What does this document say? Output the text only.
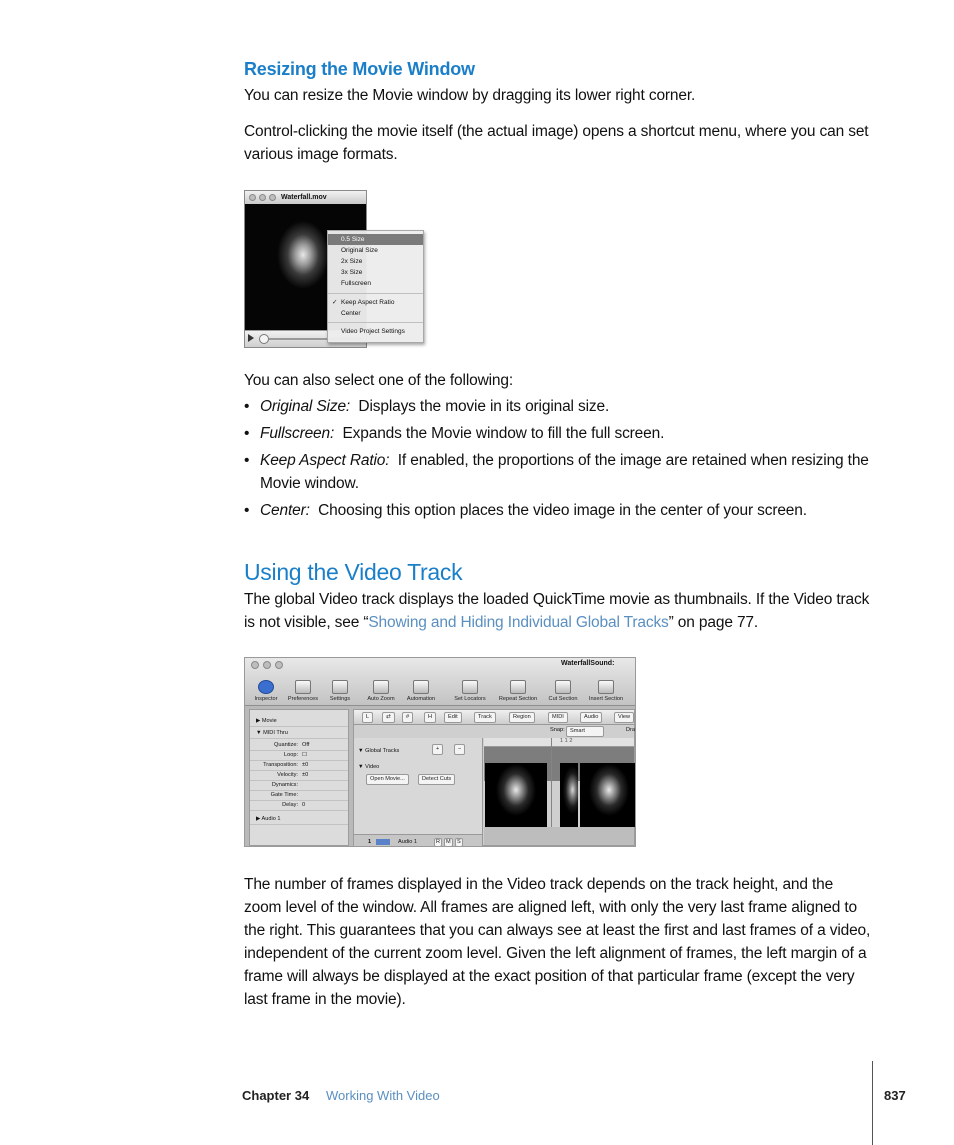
Resizing the Movie Window
You can resize the Movie window by dragging its lower right corner.
Control-clicking the movie itself (the actual image) opens a shortcut menu, where you can set various image formats.
Waterfall.mov
0.5 Size
Original Size
2x Size
3x Size
Fullscreen
✓ Keep Aspect Ratio
Center
Video Project Settings
You can also select one of the following:
• Original Size: Displays the movie in its original size.
• Fullscreen: Expands the Movie window to fill the full screen.
• Keep Aspect Ratio: If enabled, the proportions of the image are retained when resizing the Movie window.
• Center: Choosing this option places the video image in the center of your screen.
Using the Video Track
The global Video track displays the loaded QuickTime movie as thumbnails. If the Video track is not visible, see “Showing and Hiding Individual Global Tracks” on page 77.
WaterfallSound:
Inspector	Preferences	Settings	Auto Zoom	Automation	Set Locators	Repeat Section	Cut Section	Insert Section
▶ Movie
▼ MIDI Thru
Quantize: Off
Loop: ☐
Transposition: ±0
Velocity: ±0
Dynamics:
Gate Time:
Delay: 0
▶ Audio 1
L	⇄	#	H	Edit	Track	Region	MIDI	Audio	View
Snap: Smart	Dra
▼ Global Tracks	+	−
▼ Video
Open Movie...	Detect Cuts
1	Audio 1	R	M	S
1 1 2
The number of frames displayed in the Video track depends on the track height, and the zoom level of the window. All frames are aligned left, with only the very last frame aligned to the right. This guarantees that you can always see at least the first and last frames of a video, independent of the current zoom level. Given the left alignment of frames, the left margin of a frame will always be displayed at the exact position of that particular frame (except the very last frame in the movie).
Chapter 34 Working With Video	837
